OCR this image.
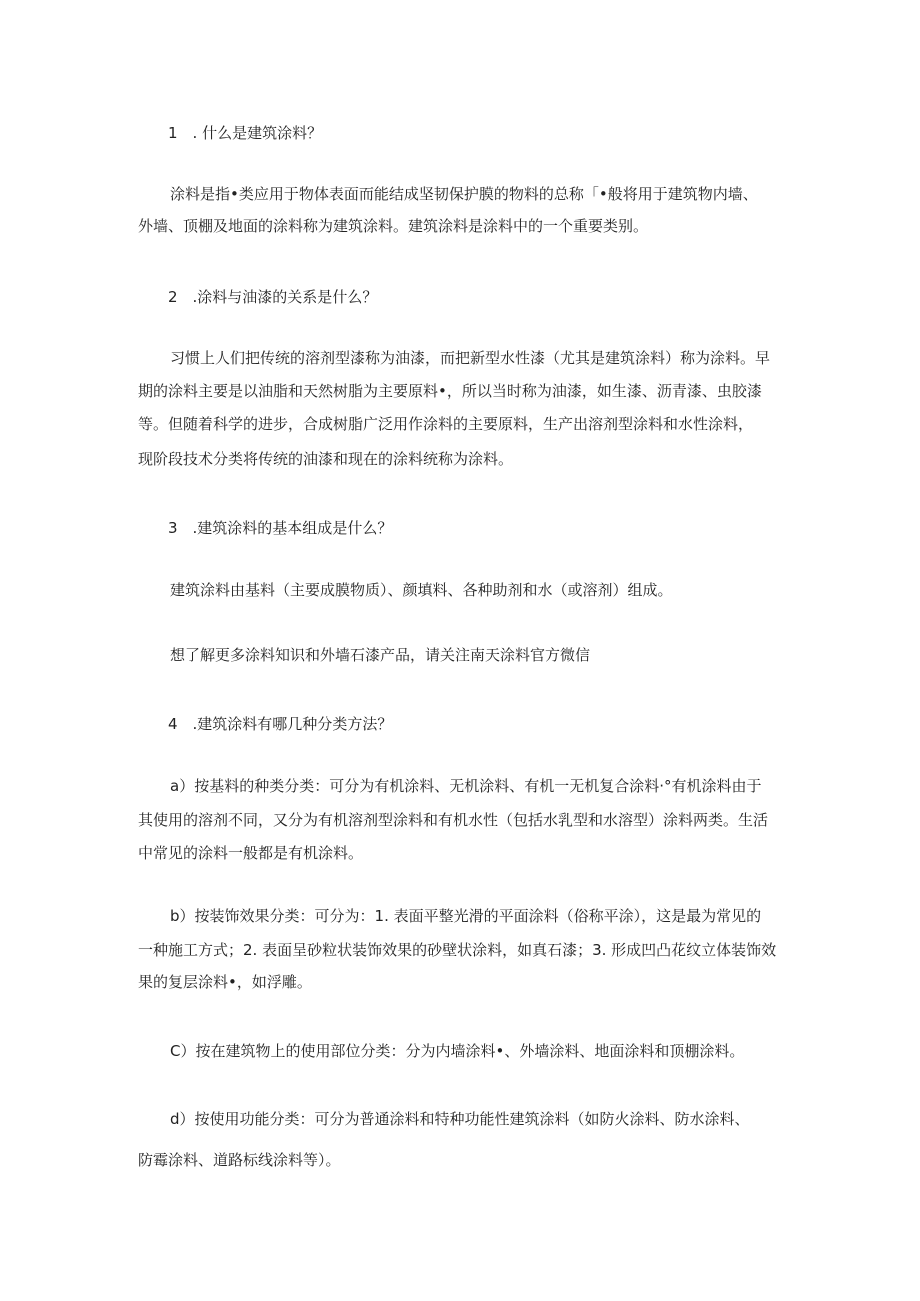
1　. 什么是建筑涂料？

涂料是指•类应用于物体表面而能结成坚韧保护膜的物料的总称「•般将用于建筑物内墙、

外墙、顶棚及地面的涂料称为建筑涂料。建筑涂料是涂料中的一个重要类别。

2　.涂料与油漆的关系是什么？

习惯上人们把传统的溶剂型漆称为油漆，而把新型水性漆（尤其是建筑涂料）称为涂料。早

期的涂料主要是以油脂和天然树脂为主要原料•，所以当时称为油漆，如生漆、沥青漆、虫胶漆

等。但随着科学的进步，合成树脂广泛用作涂料的主要原料，生产出溶剂型涂料和水性涂料，

现阶段技术分类将传统的油漆和现在的涂料统称为涂料。

3　.建筑涂料的基本组成是什么？

建筑涂料由基料（主要成膜物质）、颜填料、各种助剂和水（或溶剂）组成。

想了解更多涂料知识和外墙石漆产品，请关注南天涂料官方微信

4　.建筑涂料有哪几种分类方法？

a）按基料的种类分类：可分为有机涂料、无机涂料、有机一无机复合涂料·°有机涂料由于

其使用的溶剂不同，又分为有机溶剂型涂料和有机水性（包括水乳型和水溶型）涂料两类。生活

中常见的涂料一般都是有机涂料。

b）按装饰效果分类：可分为：1. 表面平整光滑的平面涂料（俗称平涂），这是最为常见的

一种施工方式；2. 表面呈砂粒状装饰效果的砂壁状涂料，如真石漆；3. 形成凹凸花纹立体装饰效

果的复层涂料•，如浮雕。

C）按在建筑物上的使用部位分类：分为内墙涂料•、外墙涂料、地面涂料和顶棚涂料。

d）按使用功能分类：可分为普通涂料和特种功能性建筑涂料（如防火涂料、防水涂料、

防霉涂料、道路标线涂料等）。
